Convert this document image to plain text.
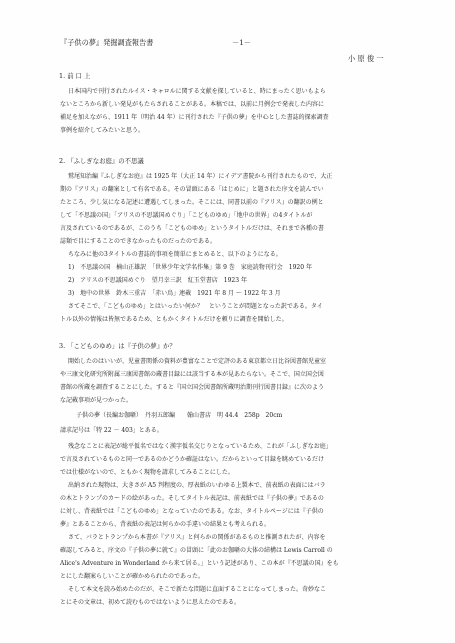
『子供の夢』発掘調査報告書	－1－
小 原 俊 一
1. 前 口 上
日本国内で刊行されたルイス・キャロルに関する文献を探していると、時にまったく思いもよら
ないところから新しい発見がもたらされることがある。本稿では、以前に月例会で発表した内容に
補足を加えながら、1911 年（明治 44 年）に刊行された『子供の夢』を中心とした書誌的探索調査
事例を紹介してみたいと思う。
2. 『ふしぎなお庭』の不思議
鷲尾知治編『ふしぎなお庭』は 1925 年（大正 14 年）にイデア書院から刊行されたもので、大正
期の『アリス』の翻案として有名である。その冒頭にある「はじめに」と題された序文を読んでい
たところ、少し気になる記述に遭遇してしまった。そこには、同書以前の『アリス』の翻訳の例と
して「不思議の国」「アリスの不思議国めぐり」「こどものゆめ」「地中の世界」の4タイトルが
言及されているのであるが、このうち「こどものゆめ」というタイトルだけは、それまで各種の書
誌類で目にすることのできなかったものだったのである。
ちなみに他の3タイトルの書誌的事項を簡単にまとめると、以下のようになる。
1)　不思議の国　楠山正雄訳　「世界少年文学名作集」第 9 巻　家庭読物刊行会　1920 年
2)　アリスの不思議国めぐり　望月幸三訳　紅玉堂書店　1923 年
3)　地中の世界　鈴木三重吉　「赤い鳥」連載　1921 年 8 月 ～ 1922 年 3 月
さてそこで、「こどものゆめ」とはいったい何か？　ということが問題となった訳である。タイ
トル以外の情報は皆無であるため、ともかくタイトルだけを頼りに調査を開始した。
3. 「こどものゆめ」は『子供の夢』か？
開始したのはいいが、児童書関係の資料が豊富なことで定評のある東京都立日比谷図書館児童室
や三康文化研究所附属三康図書館の蔵書目録には該当する本が見あたらない。そこで、国立国会図
書館の所蔵を調査することにした。すると『国立国会図書館所蔵明治期刊行図書目録』に次のよう
な記載事項が見つかった。
子供の夢（長編お伽噺）　丹羽五郎編　　翰山書店　明 44.4　258p　20cm
請求記号は「特 22 － 403」とある。
残念なことに表記が総平仮名ではなく漢字仮名交じりとなっているため、これが「ふしぎなお庭」
で言及されているものと同一であるのかどうか確証はない。だからといって目録を眺めているだけ
では仕様がないので、ともかく現物を請求してみることにした。
出納された現物は、大きさが A5 判程度の、厚表紙のいわゆる上製本で、前表紙の表面にはバラ
の木とトランプのカードの絵があった。そしてタイトル表記は、前表紙では『子供の夢』であるの
に対し、背表紙では「こどものゆめ」となっていたのである。なお、タイトルページには『子供の
夢』とあることから、背表紙の表記は何らかの手違いの結果とも考えられる。
さて、バラとトランプから本書が『アリス』と何らかの関係があるものと推測されたが、内容を
確認してみると、序文の『子供の夢に就て』の冒頭に「此のお伽噺の大体の結構は Lewis Carroll の
Alice's Adventure in Wonderland から来て居る。」という記述があり、この本が『不思議の国』をも
とにした翻案らしいことが確かめられたのであった。
そして本文を読み始めたのだが、そこで新たな問題に直面することになってしまった。奇妙なこ
とにその文章は、初めて読むものではないように思えたのである。
